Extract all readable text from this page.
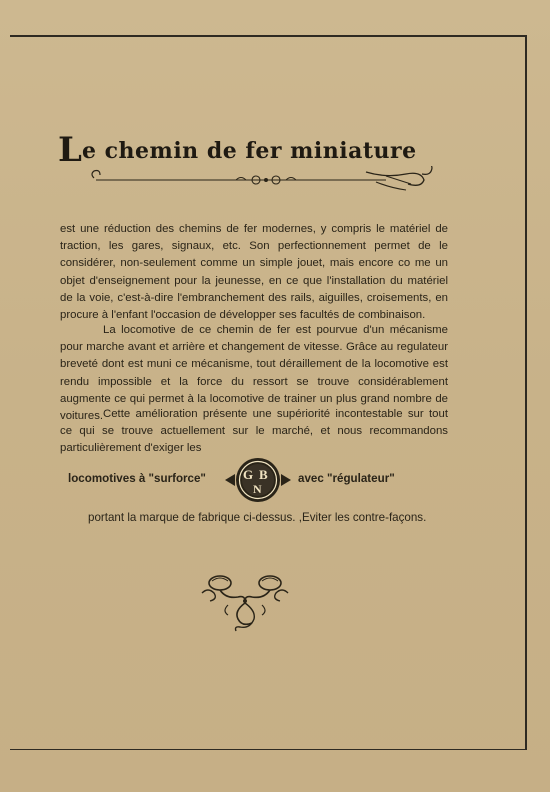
L e chemin de fer miniature
est une réduction des chemins de fer modernes, y compris le matériel de traction, les gares, signaux, etc. Son perfectionnement permet de le considérer, non-seulement comme un simple jouet, mais encore co me un objet d'enseignement pour la jeunesse, en ce que l'installation du matériel de la voie, c'est-à-dire l'embranchement des rails, aiguilles, croisements, en procure à l'enfant l'occasion de développer ses facultés de combinaison.
La locomotive de ce chemin de fer est pourvue d'un mécanisme pour marche avant et arrière et changement de vitesse. Grâce au regulateur breveté dont est muni ce mécanisme, tout déraillement de la locomotive est rendu impossible et la force du ressort se trouve considérablement augmente ce qui permet à la locomotive de trainer un plus grand nombre de voitures. Cette amélioration présente une supériorité incontestable sur tout ce qui se trouve actuellement sur le marché, et nous recommandons particulièrement d'exiger les
locomotives à "surforce"	G B
N
avec "régulateur"
portant la marque de fabrique ci-dessus. ,Eviter les contre-façons.
